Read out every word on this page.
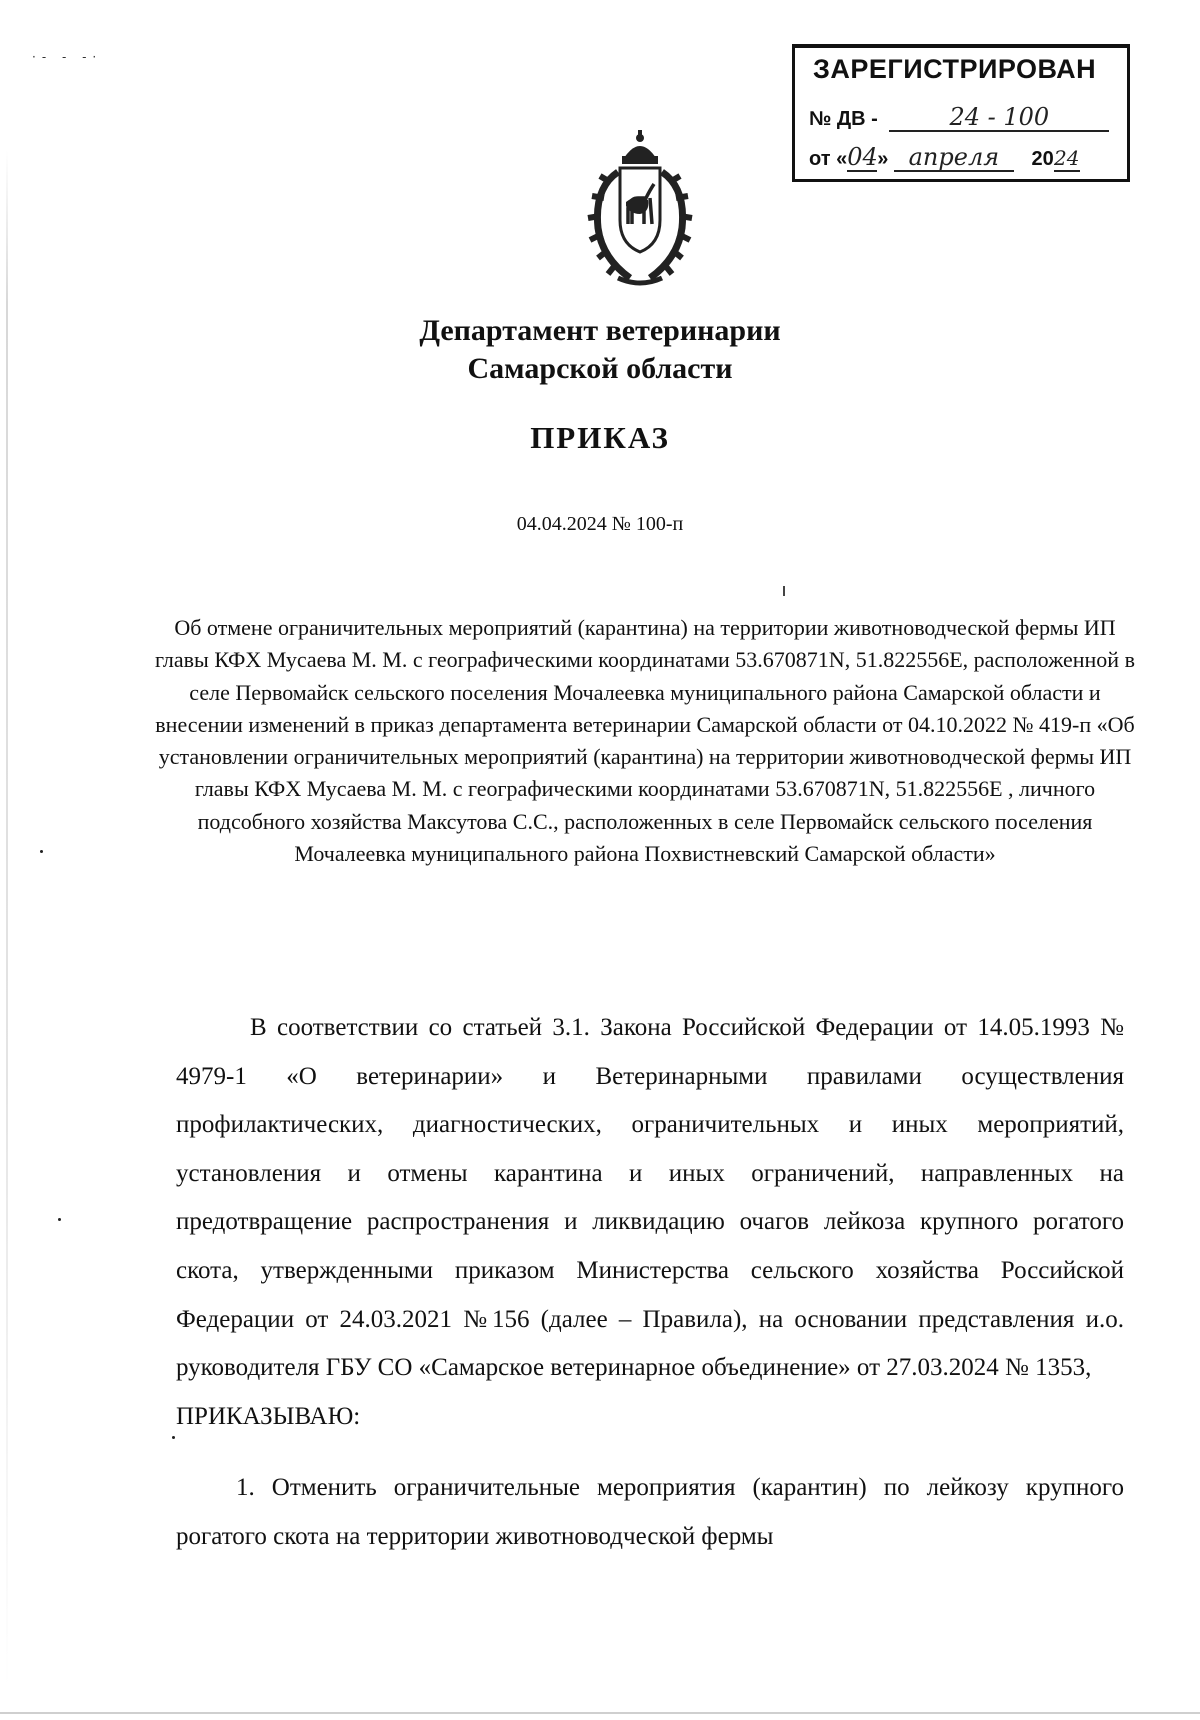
·- - -·	ЗАРЕГИСТРИРОВАН
№ ДВ -	24 - 100
от «04» апреля 2024
Департамент ветеринарии
Самарской области
ПРИКАЗ
04.04.2024 № 100-п
Об отмене ограничительных мероприятий (карантина) на территории животноводческой фермы ИП главы КФХ Мусаева М. М. с географическими координатами 53.670871N, 51.822556E, расположенной в селе Первомайск сельского поселения Мочалеевка муниципального района Самарской области и внесении изменений в приказ департамента ветеринарии Самарской области от 04.10.2022 № 419-п «Об установлении ограничительных мероприятий (карантина) на территории животноводческой фермы ИП главы КФХ Мусаева М. М. с географическими координатами 53.670871N, 51.822556E , личного подсобного хозяйства Максутова С.С., расположенных в селе Первомайск сельского поселения Мочалеевка муниципального района Похвистневский Самарской области»
В соответствии со статьей 3.1. Закона Российской Федерации от 14.05.1993 № 4979-1 «О ветеринарии» и Ветеринарными правилами осуществления профилактических, диагностических, ограничительных и иных мероприятий, установления и отмены карантина и иных ограничений, направленных на предотвращение распространения и ликвидацию очагов лейкоза крупного рогатого скота, утвержденными приказом Министерства сельского хозяйства Российской Федерации от 24.03.2021 №156 (далее – Правила), на основании представления и.о. руководителя ГБУ СО «Самарское ветеринарное объединение» от 27.03.2024 № 1353,
ПРИКАЗЫВАЮ:
1. Отменить ограничительные мероприятия (карантин) по лейкозу крупного рогатого скота на территории животноводческой фермы
